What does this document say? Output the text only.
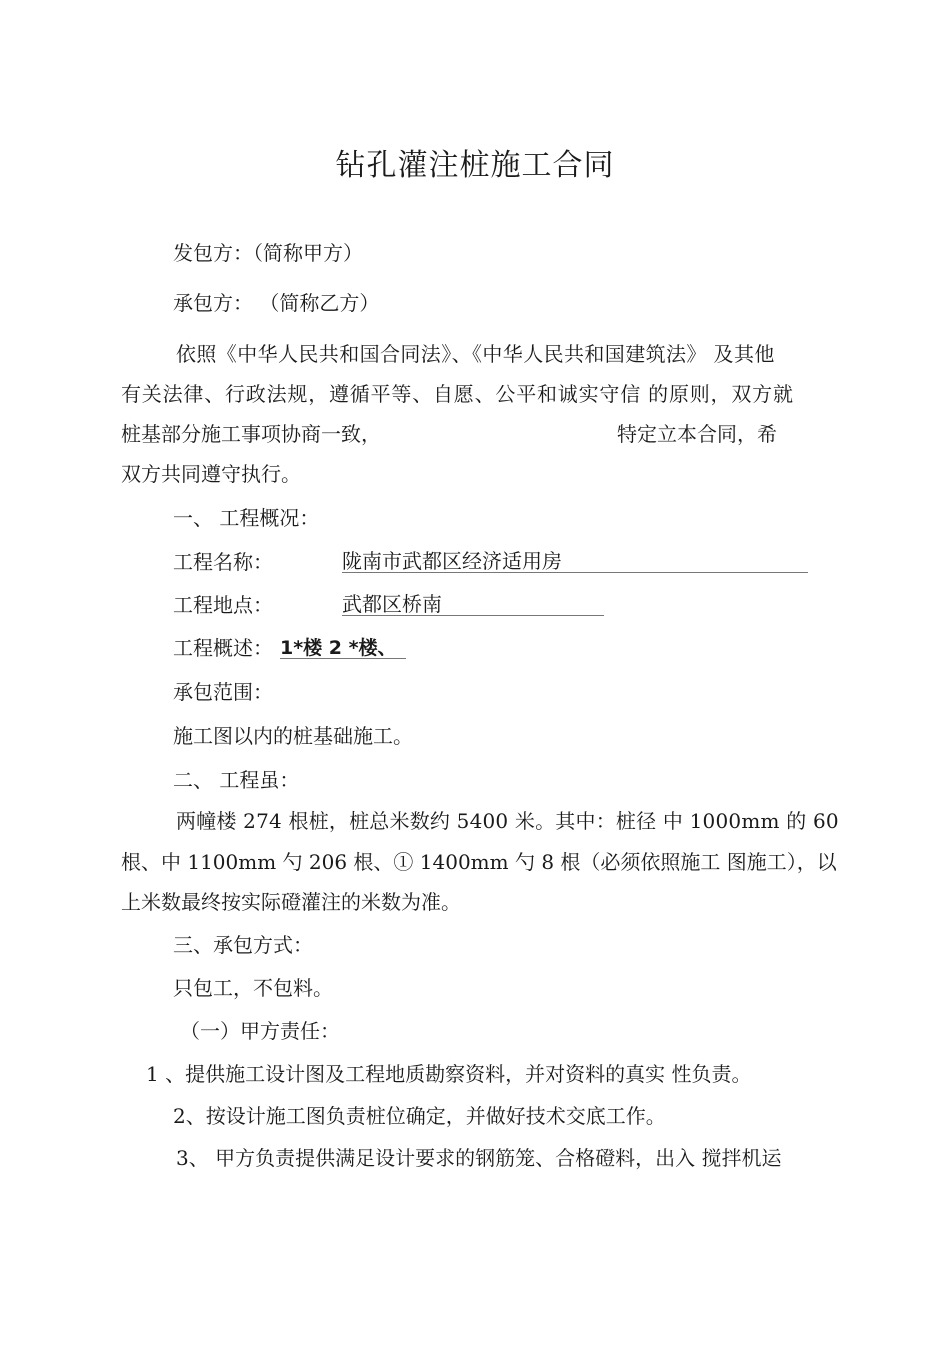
钻孔灌注桩施工合同
发包方：（简称甲方）
承包方： （简称乙方）
依照《中华人民共和国合同法》、《中华人民共和国建筑法》 及其他
有关法律、行政法规，遵循平等、自愿、公平和诚实守信 的原则，双方就
桩基部分施工事项协商一致，	特定立本合同，希
双方共同遵守执行。
一、 工程概况：
工程名称：	陇南市武都区经济适用房
工程地点：	武都区桥南
工程概述： 1*楼 2 *楼、
承包范围：
施工图以内的桩基础施工。
二、 工程虽：
两幢楼 274 根桩，桩总米数约 5400 米。其中：桩径 中 1000mm 的 60
根、中 1100mm 勺 206 根、① 1400mm 勺 8 根（必须依照施工 图施工），以
上米数最终按实际磴灌注的米数为准。
三、承包方式：
只包工，不包料。
（一）甲方责任：
1 、提供施工设计图及工程地质勘察资料，并对资料的真实 性负责。
2、按设计施工图负责桩位确定，并做好技术交底工作。
3、 甲方负责提供满足设计要求的钢筋笼、合格磴料，出入 搅拌机运
